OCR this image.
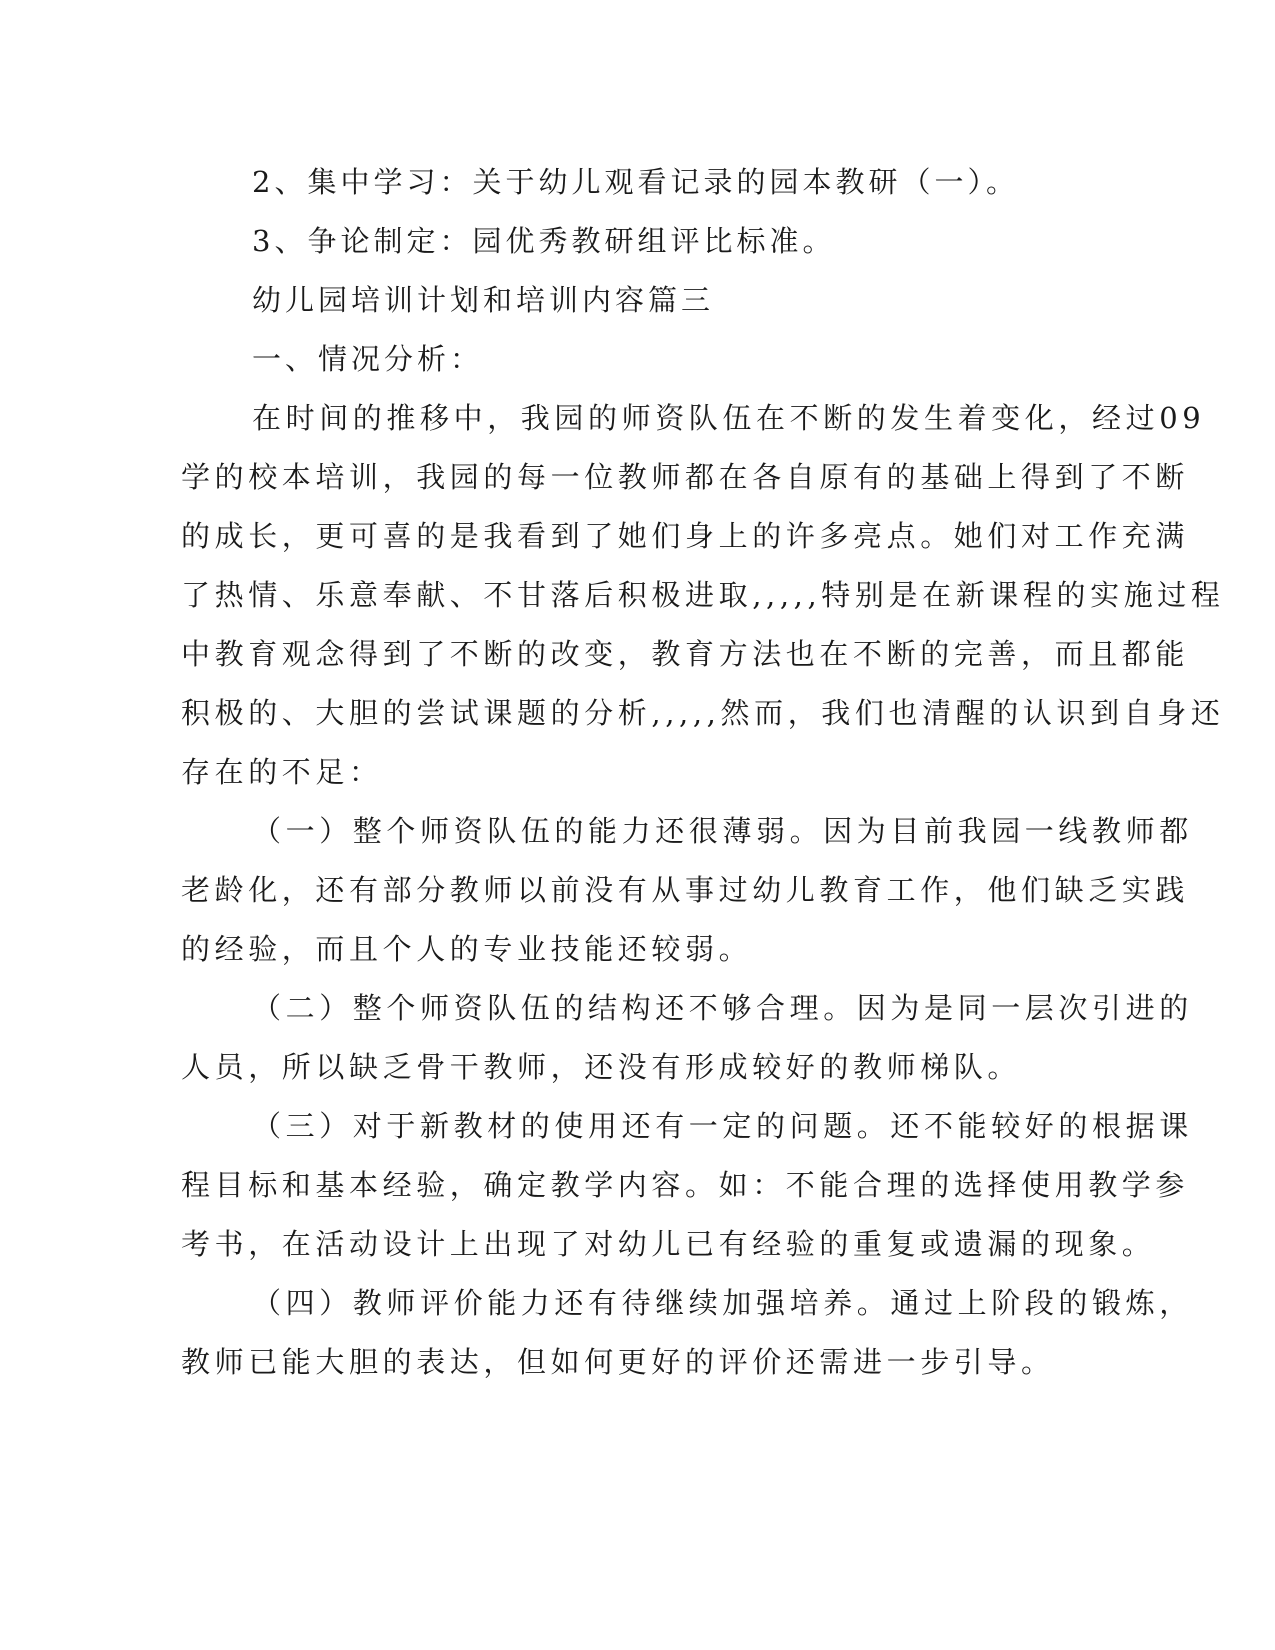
2、集中学习：关于幼儿观看记录的园本教研（一）。

3、争论制定：园优秀教研组评比标准。

幼儿园培训计划和培训内容篇三

一、情况分析：

在时间的推移中，我园的师资队伍在不断的发生着变化，经过09

学的校本培训，我园的每一位教师都在各自原有的基础上得到了不断

的成长，更可喜的是我看到了她们身上的许多亮点。她们对工作充满

了热情、乐意奉献、不甘落后积极进取,,,,,特别是在新课程的实施过程

中教育观念得到了不断的改变，教育方法也在不断的完善，而且都能

积极的、大胆的尝试课题的分析,,,,,然而，我们也清醒的认识到自身还

存在的不足：

（一）整个师资队伍的能力还很薄弱。因为目前我园一线教师都

老龄化，还有部分教师以前没有从事过幼儿教育工作，他们缺乏实践

的经验，而且个人的专业技能还较弱。

（二）整个师资队伍的结构还不够合理。因为是同一层次引进的

人员，所以缺乏骨干教师，还没有形成较好的教师梯队。

（三）对于新教材的使用还有一定的问题。还不能较好的根据课

程目标和基本经验，确定教学内容。如：不能合理的选择使用教学参

考书，在活动设计上出现了对幼儿已有经验的重复或遗漏的现象。

（四）教师评价能力还有待继续加强培养。通过上阶段的锻炼，

教师已能大胆的表达，但如何更好的评价还需进一步引导。
